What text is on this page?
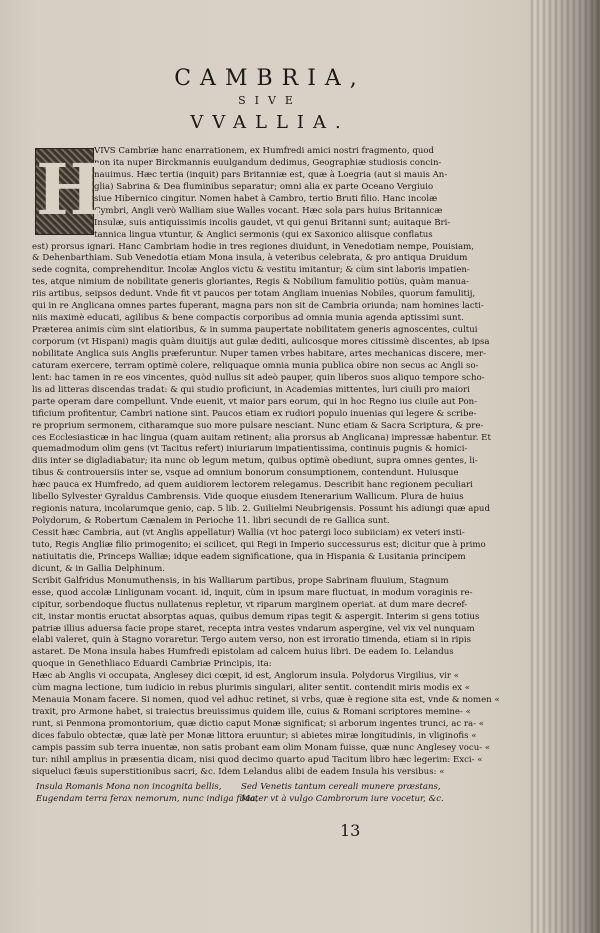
CAMBRIA,
SIVE
VVALLIA.
VIVS Cambriæ hanc enarrationem, ex Humfredi amici nostri fragmento, quod
non ita nuper Birckmannis euulgandum dedimus, Geographiæ studiosis concin-
nauimus. Hæc tertia (inquit) pars Britanniæ est, quæ à Loegria (aut si mauis An-
glia) Sabrina & Dea fluminibus separatur; omni alia ex parte Oceano Vergiuio
siue Hibernico cingitur. Nomen habet à Cambro, tertio Bruti filio. Hanc incolæ
Cymbri, Angli verò Walliam siue Walles vocant. Hæc sola pars huius Britannicæ
Insulæ, suis antiquissimis incolis gaudet, vt qui genui Britanni sunt; auitaque Bri-
tannica lingua vtuntur, & Anglici sermonis (qui ex Saxonico aliisque conflatus
est) prorsus ignari. Hanc Cambriam hodie in tres regiones diuidunt, in Venedotiam nempe, Pouisiam,
& Dehenbarthiam. Sub Venedotia etiam Mona insula, à veteribus celebrata, & pro antiqua Druidum
sede cognita, comprehenditur. Incolæ Anglos victu & vestitu imitantur; & cùm sint laboris impatien-
tes, atque nimium de nobilitate generis gloriantes, Regis & Nobilium famulitio potiùs, quàm manua-
riis artibus, seipsos dedunt. Vnde fit vt paucos per totam Angliam inuenias Nobiles, quorum famulitij,
qui in re Anglicana omnes partes fuperant, magna pars non sit de Cambria oriunda; nam homines lacti-
niis maximè educati, agilibus & bene compactis corporibus ad omnia munia agenda aptissimi sunt.
Præterea animis cùm sint elatioribus, & in summa paupertate nobilitatem generis agnoscentes, cultui
corporum (vt Hispani) magis quàm diuitijs aut gulæ dediti, aulicosque mores citissimè discentes, ab ipsa
nobilitate Anglica suis Anglis præferuntur. Nuper tamen vrbes habitare, artes mechanicas discere, mer-
caturam exercere, terram optimè colere, reliquaque omnia munia publica obire non secus ac Angli so-
lent: hac tamen in re eos vincentes, quòd nullus sit adeò pauper, quin liberos suos aliquo tempore scho-
lis ad litteras discendas tradat: & qui studio proficiunt, in Academias mittentes, luri ciuili pro maiori
parte operam dare compellunt. Vnde euenit, vt maior pars eorum, qui in hoc Regno ius ciuile aut Pon-
tificium profitentur, Cambri natione sint. Paucos etiam ex rudiori populo inuenias qui legere & scribe-
re proprium sermonem, citharamque suo more pulsare nesciant. Nunc etiam & Sacra Scriptura, & pre-
ces Ecclesiasticæ in hac lingua (quam auitam retinent; alia prorsus ab Anglicana) impressæ habentur. Et
quemadmodum olim gens (vt Tacitus refert) iniuriarum impatientissima, continuis pugnis & homici-
diis inter se digladiabatur; ita nunc ob legum metum, quibus optimè obediunt, supra omnes gentes, li-
tibus & controuersiis inter se, vsque ad omnium bonorum consumptionem, contendunt. Huiusque
hæc pauca ex Humfredo, ad quem auidiorem lectorem relegamus. Describit hanc regionem peculiari
libello Sylvester Gyraldus Cambrensis. Vide quoque eiusdem Itenerarium Wallicum. Plura de huius
regionis natura, incolarumque genio, cap. 5 lib. 2. Guilielmi Neubrigensis. Possunt his adiungi quæ apud
Polydorum, & Robertum Cænalem in Perioche 11. libri secundi de re Gallica sunt.
Cessit hæc Cambria, aut (vt Anglis appellatur) Wallia (vt hoc patergi loco subiiciam) ex veteri insti-
tuto, Regis Angliæ filio primogenito; ei scilicet, qui Regi in Imperio successurus est; dicitur que à primo
natiuitatis die, Princeps Walliæ; idque eadem significatione, qua in Hispania & Lusitania principem
dicunt, & in Gallia Delphinum.
Scribit Galfridus Monumuthensis, in his Walliarum partibus, prope Sabrinam fluuium, Stagnum
esse, quod accolæ Linligunam vocant. id, inquit, cùm in ipsum mare fluctuat, in modum voraginis re-
cipitur, sorbendoque fluctus nullatenus repletur, vt riparum marginem operiat. at dum mare decref-
cit, instar montis eructat absorptas aquas, quibus demum ripas tegit & aspergit. Interim si gens totius
patriæ illius aduersa facie prope staret, recepta intra vestes vndarum aspergine, vel vix vel nunquam
elabi valeret, quin à Stagno voraretur. Tergo autem verso, non est irroratio timenda, etiam si in ripis
astaret. De Mona insula habes Humfredi epistolam ad calcem huius libri. De eadem Io. Lelandus
quoque in Genethliaco Eduardi Cambriæ Principis, ita:
Hæc ab Anglis vi occupata, Anglesey dici cœpit, id est, Anglorum insula. Polydorus Virgilius, vir «
cùm magna lectione, tum iudicio in rebus plurimis singulari, aliter sentit. contendit miris modis ex «
Menauia Monam facere. Si nomen, quod vel adhuc retinet, si vrbs, quæ è regione sita est, vnde & nomen «
traxit, pro Armone habet, si traiectus breuissimus quidem ille, cuius & Romani scriptores memine- «
runt, si Penmona promontorium, quæ dictio caput Monæ significat; si arborum ingentes trunci, ac ra- «
dices fabulo obtectæ, quæ latè per Monæ littora eruuntur; si abietes miræ longitudinis, in vliginofis «
campis passim sub terra inuentæ, non satis probant eam olim Monam fuisse, quæ nunc Anglesey vocu- «
tur: nihil amplius in præsentia dicam, nisi quod decimo quarto apud Tacitum libro hæc legerim: Exci- «
siqueluci fæuis superstitionibus sacri, &c. Idem Lelandus alibi de eadem Insula his versibus: «
H
Insula Romanis Mona non incognita bellis,	Sed Venetis tantum cereali munere præstans,
Eugendam terra ferax nemorum, nunc indiga filua,
Mater vt à vulgo Cambrorum iure vocetur, &c.
13
